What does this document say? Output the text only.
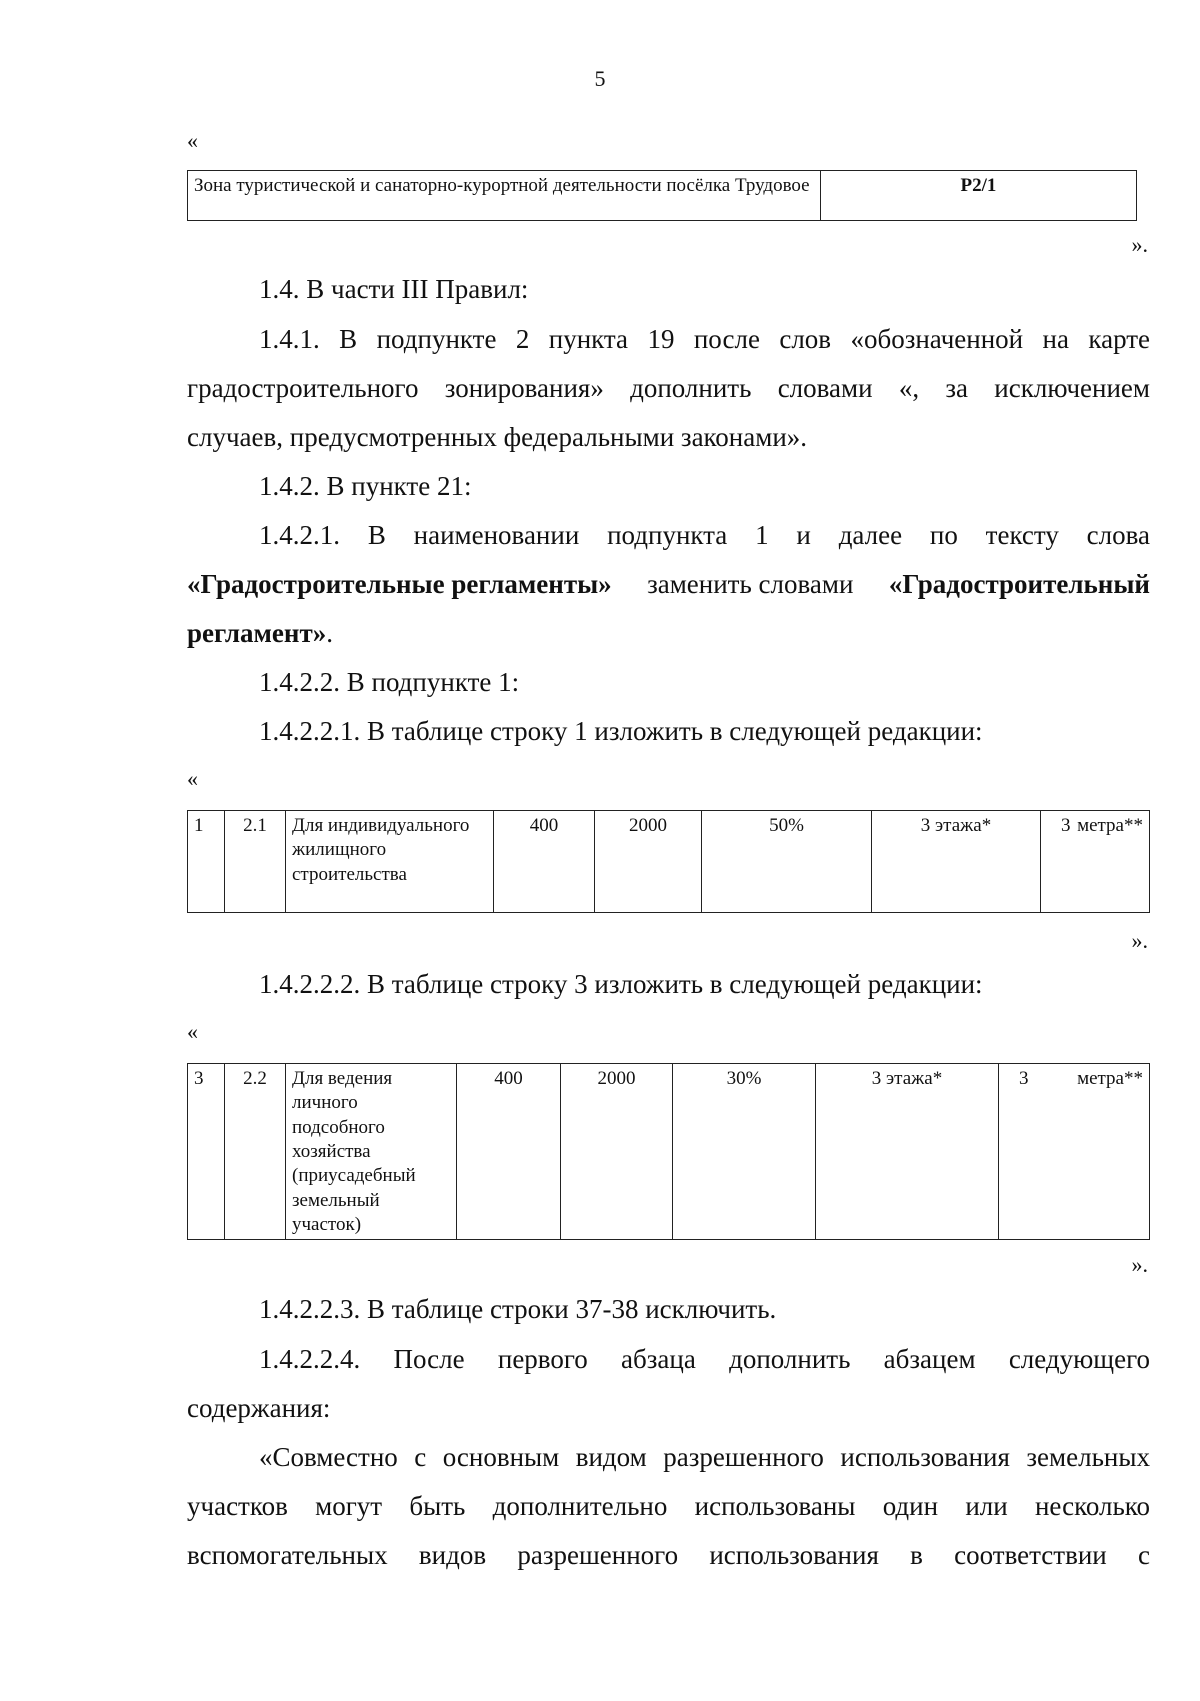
5
«
Зона туристической и санаторно-курортной деятельности посёлка Трудовое	Р2/1
».
1.4. В части III Правил:
1.4.1. В подпункте 2 пункта 19 после слов «обозначенной на карте
градостроительного зонирования» дополнить словами «, за исключением
случаев, предусмотренных федеральными законами».
1.4.2. В пункте 21:
1.4.2.1. В наименовании подпункта 1 и далее по тексту слова
«Градостроительные регламенты» заменить словами «Градостроительный
регламент».
1.4.2.2. В подпункте 1:
1.4.2.2.1. В таблице строку 1 изложить в следующей редакции:
«
1	2.1	Для индивидуального жилищного строительства	400	2000	50%	3 этажа*	3 метра**
».
1.4.2.2.2. В таблице строку 3 изложить в следующей редакции:
«
3	2.2	Для ведения личного подсобного хозяйства (приусадебный земельный участок)	400	2000	30%	3 этажа*	3	метра**
».
1.4.2.2.3. В таблице строки 37-38 исключить.
1.4.2.2.4. После первого абзаца дополнить абзацем следующего
содержания:
«Совместно с основным видом разрешенного использования земельных
участков могут быть дополнительно использованы один или несколько
вспомогательных видов разрешенного использования в соответствии с
